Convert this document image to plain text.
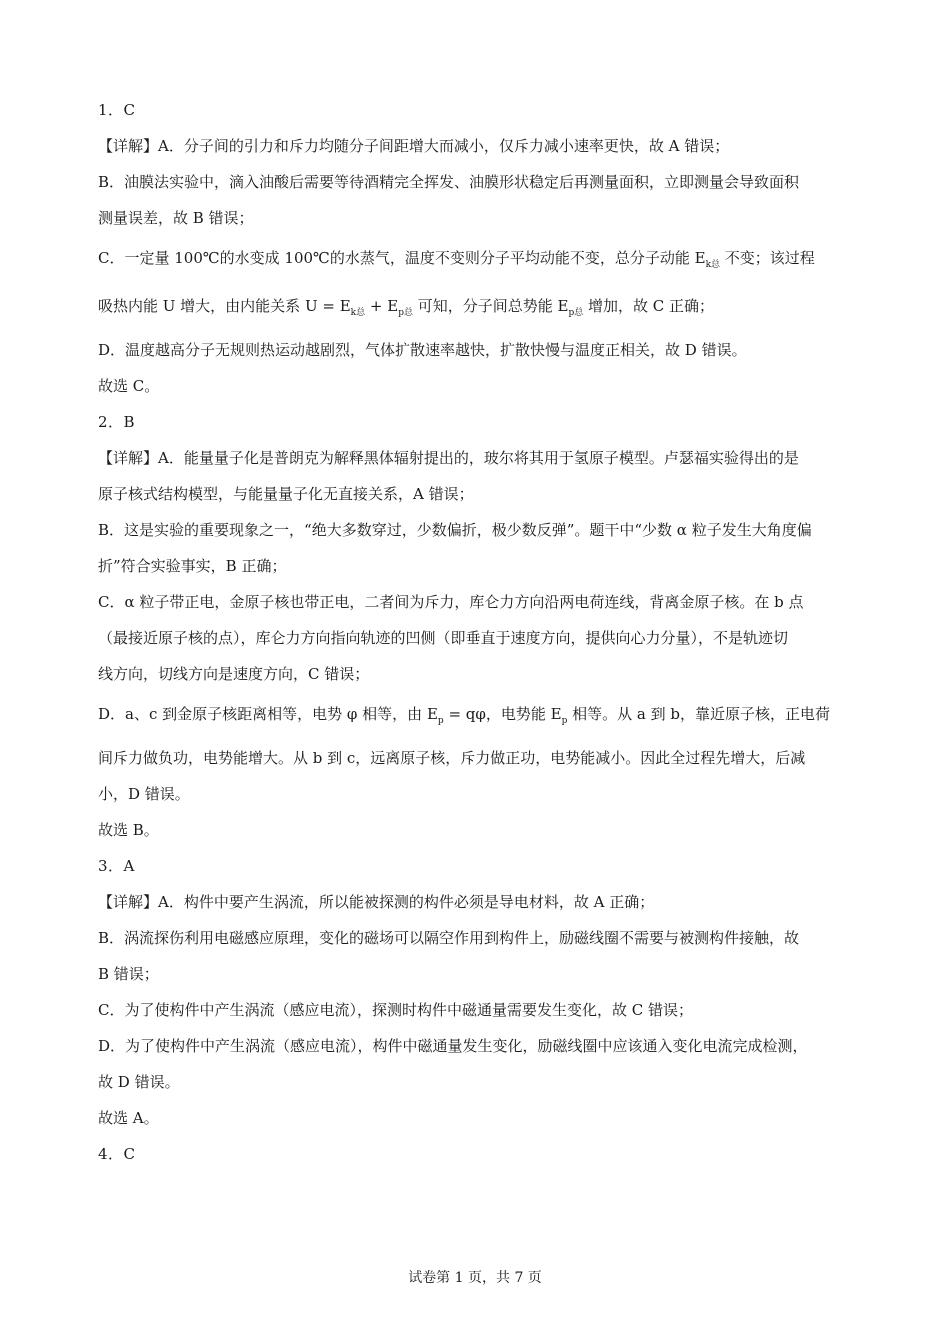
1．C
【详解】A．分子间的引力和斥力均随分子间距增大而减小，仅斥力减小速率更快，故 A 错误；
B．油膜法实验中，滴入油酸后需要等待酒精完全挥发、油膜形状稳定后再测量面积，立即测量会导致面积
测量误差，故 B 错误；
C．一定量 100℃的水变成 100℃的水蒸气，温度不变则分子平均动能不变，总分子动能 $E_{k总}$ 不变；该过程
吸热内能 U 增大，由内能关系 $U = E_{k总} + E_{p总}$ 可知，分子间总势能 $E_{p总}$ 增加，故 C 正确；
D．温度越高分子无规则热运动越剧烈，气体扩散速率越快，扩散快慢与温度正相关，故 D 错误。
故选 C。
2．B
【详解】A．能量量子化是普朗克为解释黑体辐射提出的，玻尔将其用于氢原子模型。卢瑟福实验得出的是
原子核式结构模型，与能量量子化无直接关系，A 错误；
B．这是实验的重要现象之一，“绝大多数穿过，少数偏折，极少数反弹”。题干中“少数 α 粒子发生大角度偏
折”符合实验事实，B 正确；
C．α 粒子带正电，金原子核也带正电，二者间为斥力，库仑力方向沿两电荷连线，背离金原子核。在 b 点
（最接近原子核的点），库仑力方向指向轨迹的凹侧（即垂直于速度方向，提供向心力分量），不是轨迹切
线方向，切线方向是速度方向，C 错误；
D．a、c 到金原子核距离相等，电势 φ 相等，由 $E_p = q\varphi$，电势能 $E_p$ 相等。从 a 到 b，靠近原子核，正电荷
间斥力做负功，电势能增大。从 b 到 c，远离原子核，斥力做正功，电势能减小。因此全过程先增大，后减
小，D 错误。
故选 B。
3．A
【详解】A．构件中要产生涡流，所以能被探测的构件必须是导电材料，故 A 正确；
B．涡流探伤利用电磁感应原理，变化的磁场可以隔空作用到构件上，励磁线圈不需要与被测构件接触，故
B 错误；
C．为了使构件中产生涡流（感应电流），探测时构件中磁通量需要发生变化，故 C 错误；
D．为了使构件中产生涡流（感应电流），构件中磁通量发生变化，励磁线圈中应该通入变化电流完成检测，
故 D 错误。
故选 A。
4．C
试卷第 1 页，共 7 页
